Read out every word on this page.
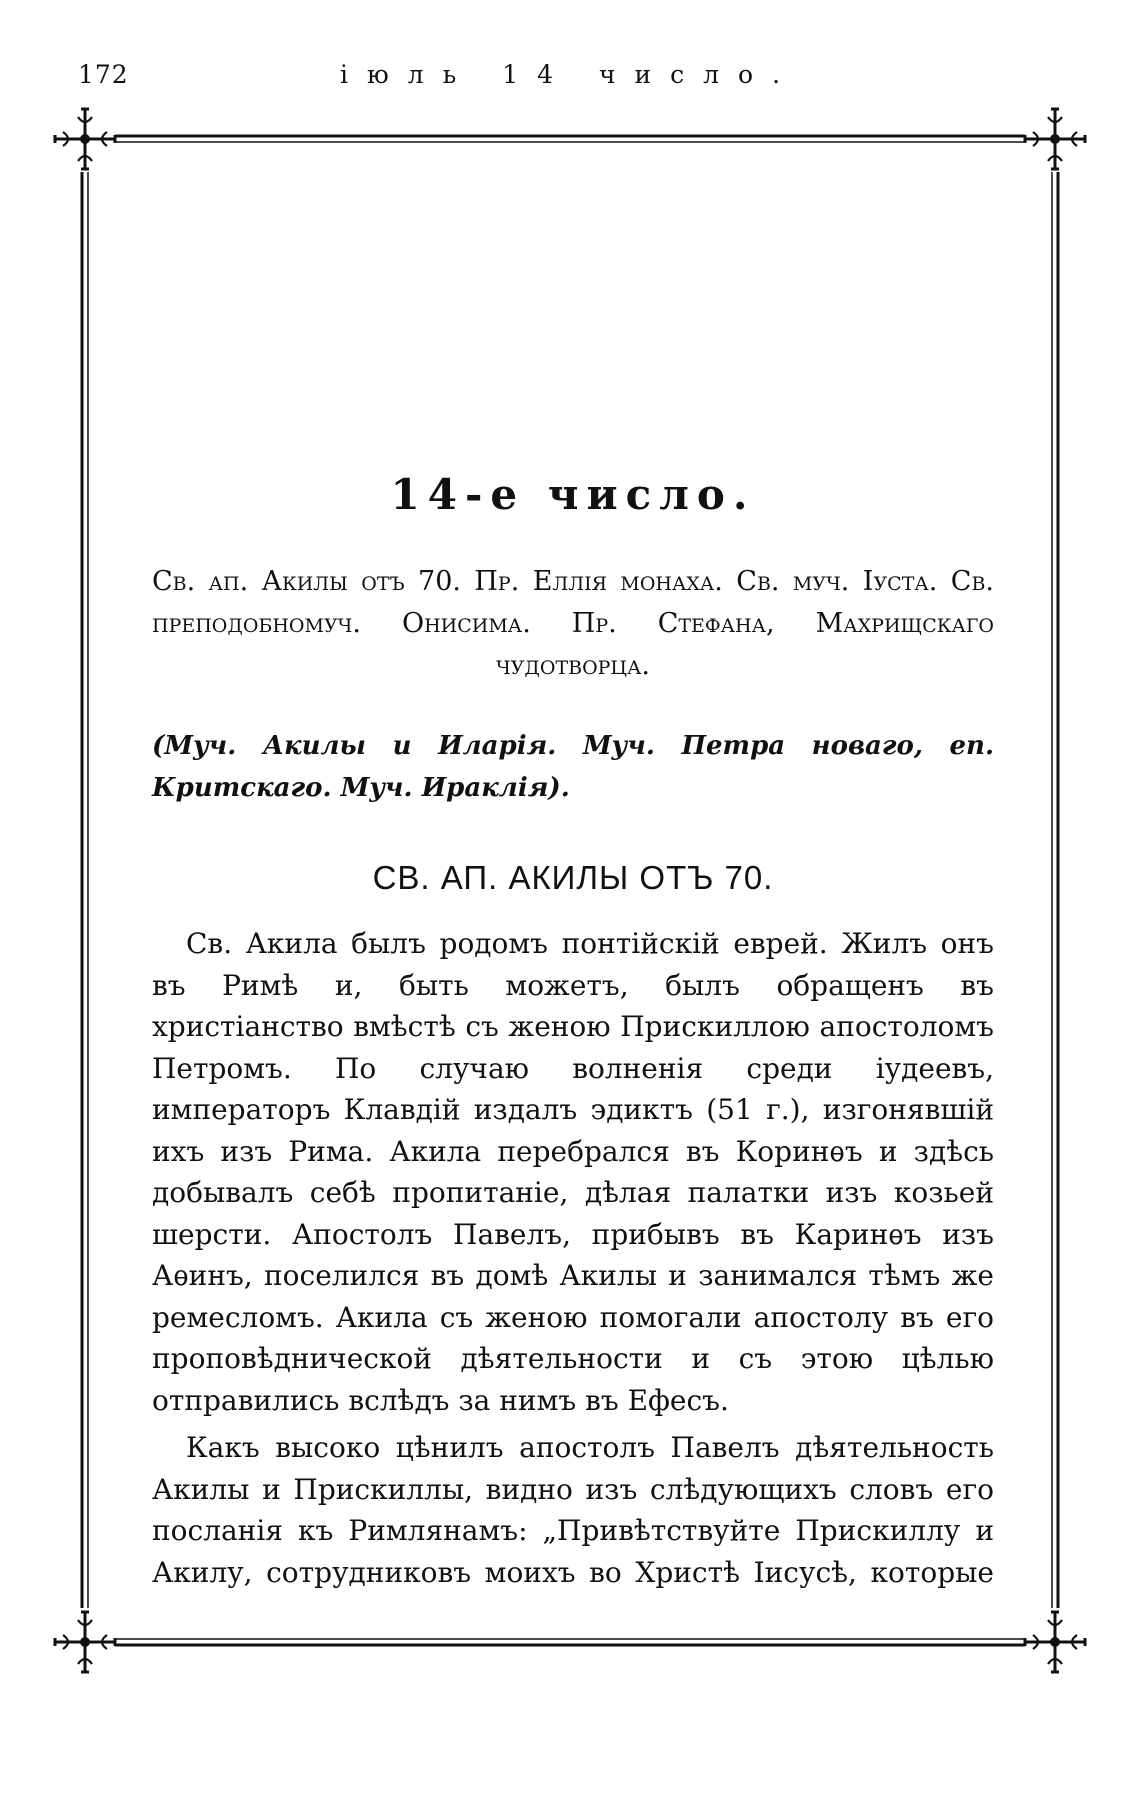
172	іюль 14 число.
14-е число.

Св. ап. Акилы отъ 70. Пр. Еллія монаха. Св. муч. Іуста. Св. преподобномуч. Онисима. Пр. Стефана, Махрищскаго чудотворца.

(Муч. Акилы и Иларія. Муч. Петра новаго, еп. Критскаго. Муч. Ираклія).

СВ. АП. АКИЛЫ ОТЪ 70.

Св. Акила былъ родомъ понтійскій еврей. Жилъ онъ въ Римѣ и, быть можетъ, былъ обращенъ въ христіанство вмѣстѣ съ женою Прискиллою апостоломъ Петромъ. По случаю волненія среди іудеевъ, императоръ Клавдій издалъ эдиктъ (51 г.), изгонявшій ихъ изъ Рима. Акила перебрался въ Коринѳъ и здѣсь добывалъ себѣ пропитаніе, дѣлая палатки изъ козьей шерсти. Апостолъ Павелъ, прибывъ въ Каринѳъ изъ Аѳинъ, поселился въ домѣ Акилы и занимался тѣмъ же ремесломъ. Акила съ женою помогали апостолу въ его проповѣднической дѣятельности и съ этою цѣлью отправились вслѣдъ за нимъ въ Ефесъ.

Какъ высоко цѣнилъ апостолъ Павелъ дѣятельность Акилы и Прискиллы, видно изъ слѣдующихъ словъ его посланія къ Римлянамъ: „Привѣтствуйте Прискиллу и Акилу, сотрудниковъ моихъ во Христѣ Іисусѣ, которые
